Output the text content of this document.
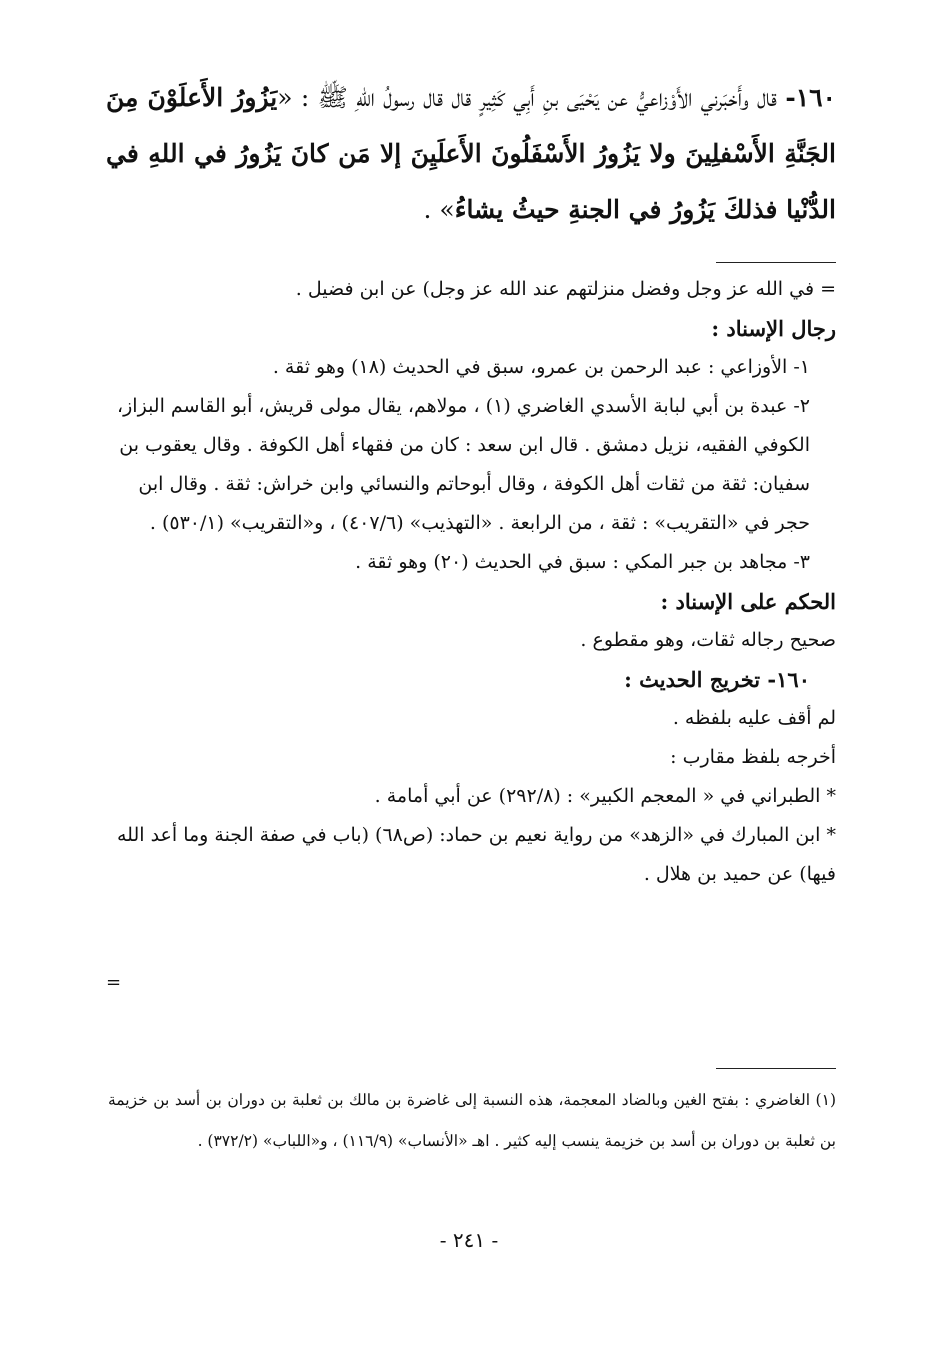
١٦٠- قال وأَخبَرني الأَوْزاعيُّ عن يَحْيَى بنِ أَبِي كَثِيرٍ قال قال رسولُ اللهِ ﷺ : «يَزُورُ الأَعلَوْنَ مِنَ الجَنَّةِ الأَسْفلِينَ ولا يَزُورُ الأَسْفَلُونَ الأَعلَيِنَ إلا مَن كانَ يَزُورُ في اللهِ في الدُّنْيا فذلكَ يَزُورُ في الجنةِ حيثُ يشاءُ» .

= في الله عز وجل وفضل منزلتهم عند الله عز وجل) عن ابن فضيل .

رجال الإسناد :

١- الأوزاعي : عبد الرحمن بن عمرو، سبق في الحديث (١٨) وهو ثقة .

٢- عبدة بن أبي لبابة الأسدي الغاضري (١) ، مولاهم، يقال مولى قريش، أبو القاسم البزاز، الكوفي الفقيه، نزيل دمشق . قال ابن سعد : كان من فقهاء أهل الكوفة . وقال يعقوب بن سفيان: ثقة من ثقات أهل الكوفة ، وقال أبوحاتم والنسائي وابن خراش: ثقة . وقال ابن حجر في «التقريب» : ثقة ، من الرابعة . «التهذيب» (٤٠٧/٦) ، و«التقريب» (٥٣٠/١) .

٣- مجاهد بن جبر المكي : سبق في الحديث (٢٠) وهو ثقة .

الحكم على الإسناد :

صحيح رجاله ثقات، وهو مقطوع .

١٦٠- تخريج الحديث :

لم أقف عليه بلفظه .

أخرجه بلفظ مقارب :

* الطبراني في « المعجم الكبير» : (٢٩٢/٨) عن أبي أمامة .

* ابن المبارك في «الزهد» من رواية نعيم بن حماد: (ص٦٨) (باب في صفة الجنة وما أعد الله فيها) عن حميد بن هلال .

=

(١) الغاضري : بفتح الغين وبالضاد المعجمة، هذه النسبة إلى غاضرة بن مالك بن ثعلبة بن دوران بن أسد بن خزيمة بن ثعلبة بن دوران بن أسد بن خزيمة ينسب إليه كثير . اهـ «الأنساب» (١١٦/٩) ، و«اللباب» (٣٧٢/٢) .

- ٢٤١ -
